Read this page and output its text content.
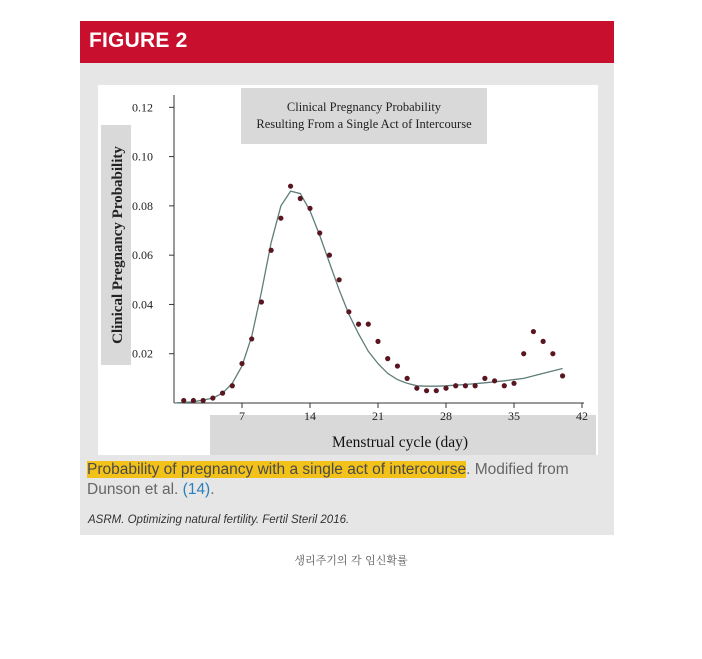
FIGURE 2
Clinical Pregnancy Probability
Resulting From a Single Act of Intercourse
Clinical Pregnancy Probability
Menstrual cycle (day)
0.02
0.04
0.06
0.08
0.10
0.12
7	14	21	28	35	42
Probability of pregnancy with a single act of intercourse. Modified from Dunson et al. (14).
ASRM. Optimizing natural fertility. Fertil Steril 2016.
생리주기의 각 임신확률
